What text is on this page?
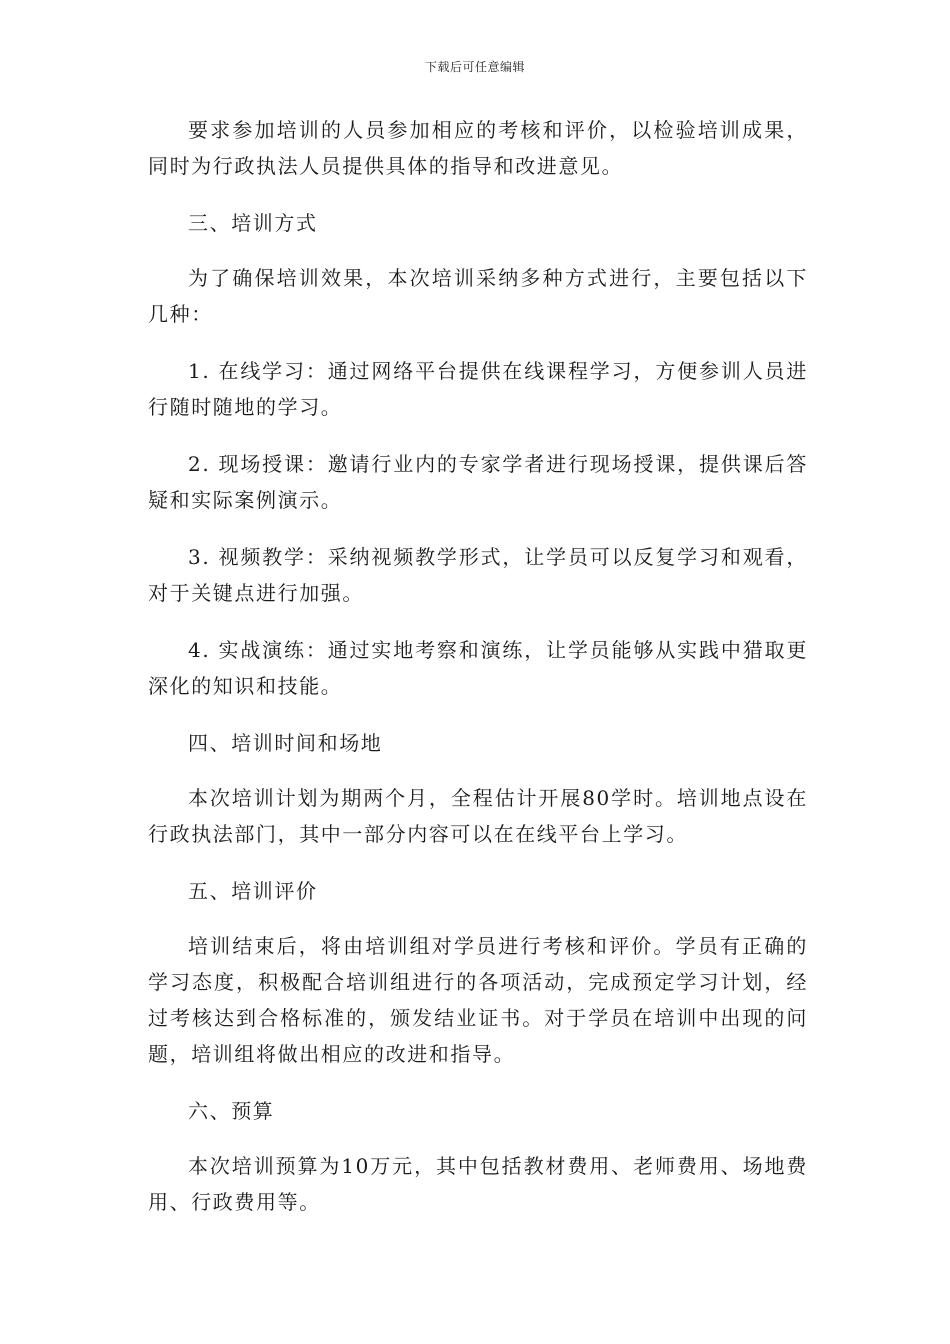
下载后可任意编辑

要求参加培训的人员参加相应的考核和评价，以检验培训成果，同时为行政执法人员提供具体的指导和改进意见。

三、培训方式

为了确保培训效果，本次培训采纳多种方式进行，主要包括以下几种：

1. 在线学习：通过网络平台提供在线课程学习，方便参训人员进行随时随地的学习。

2. 现场授课：邀请行业内的专家学者进行现场授课，提供课后答疑和实际案例演示。

3. 视频教学：采纳视频教学形式，让学员可以反复学习和观看，对于关键点进行加强。

4. 实战演练：通过实地考察和演练，让学员能够从实践中猎取更深化的知识和技能。

四、培训时间和场地

本次培训计划为期两个月，全程估计开展80学时。培训地点设在行政执法部门，其中一部分内容可以在在线平台上学习。

五、培训评价

培训结束后，将由培训组对学员进行考核和评价。学员有正确的学习态度，积极配合培训组进行的各项活动，完成预定学习计划，经过考核达到合格标准的，颁发结业证书。对于学员在培训中出现的问题，培训组将做出相应的改进和指导。

六、预算

本次培训预算为10万元，其中包括教材费用、老师费用、场地费用、行政费用等。
